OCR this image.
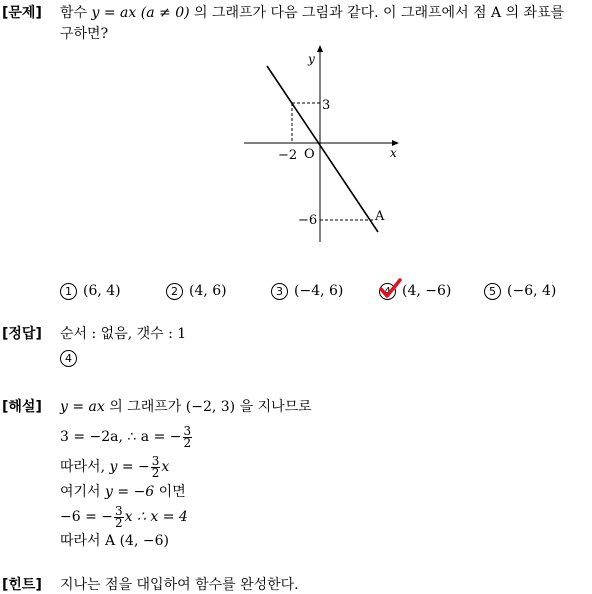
[문제] 함수 y = ax (a ≠ 0) 의 그래프가 다음 그림과 같다. 이 그래프에서 점 A 의 좌표를
구하면?
y
x
O
3
−2
−6	A
1 (6, 4)	2 (4, 6)	3 (−4, 6)	4 (4, −6)	5 (−6, 4)
[정답] 순서 : 없음, 갯수 : 1
4
[해설] y = ax 의 그래프가 (−2, 3) 을 지나므로
3 = −2a, ∴ a = − $\frac{3}{2}$
따라서, y = − $\frac{3}{2}$ x
여기서 y = −6 이면
−6 = − $\frac{3}{2}$ x ∴ x = 4
따라서 A (4, −6)
[힌트] 지나는 점을 대입하여 함수를 완성한다.
